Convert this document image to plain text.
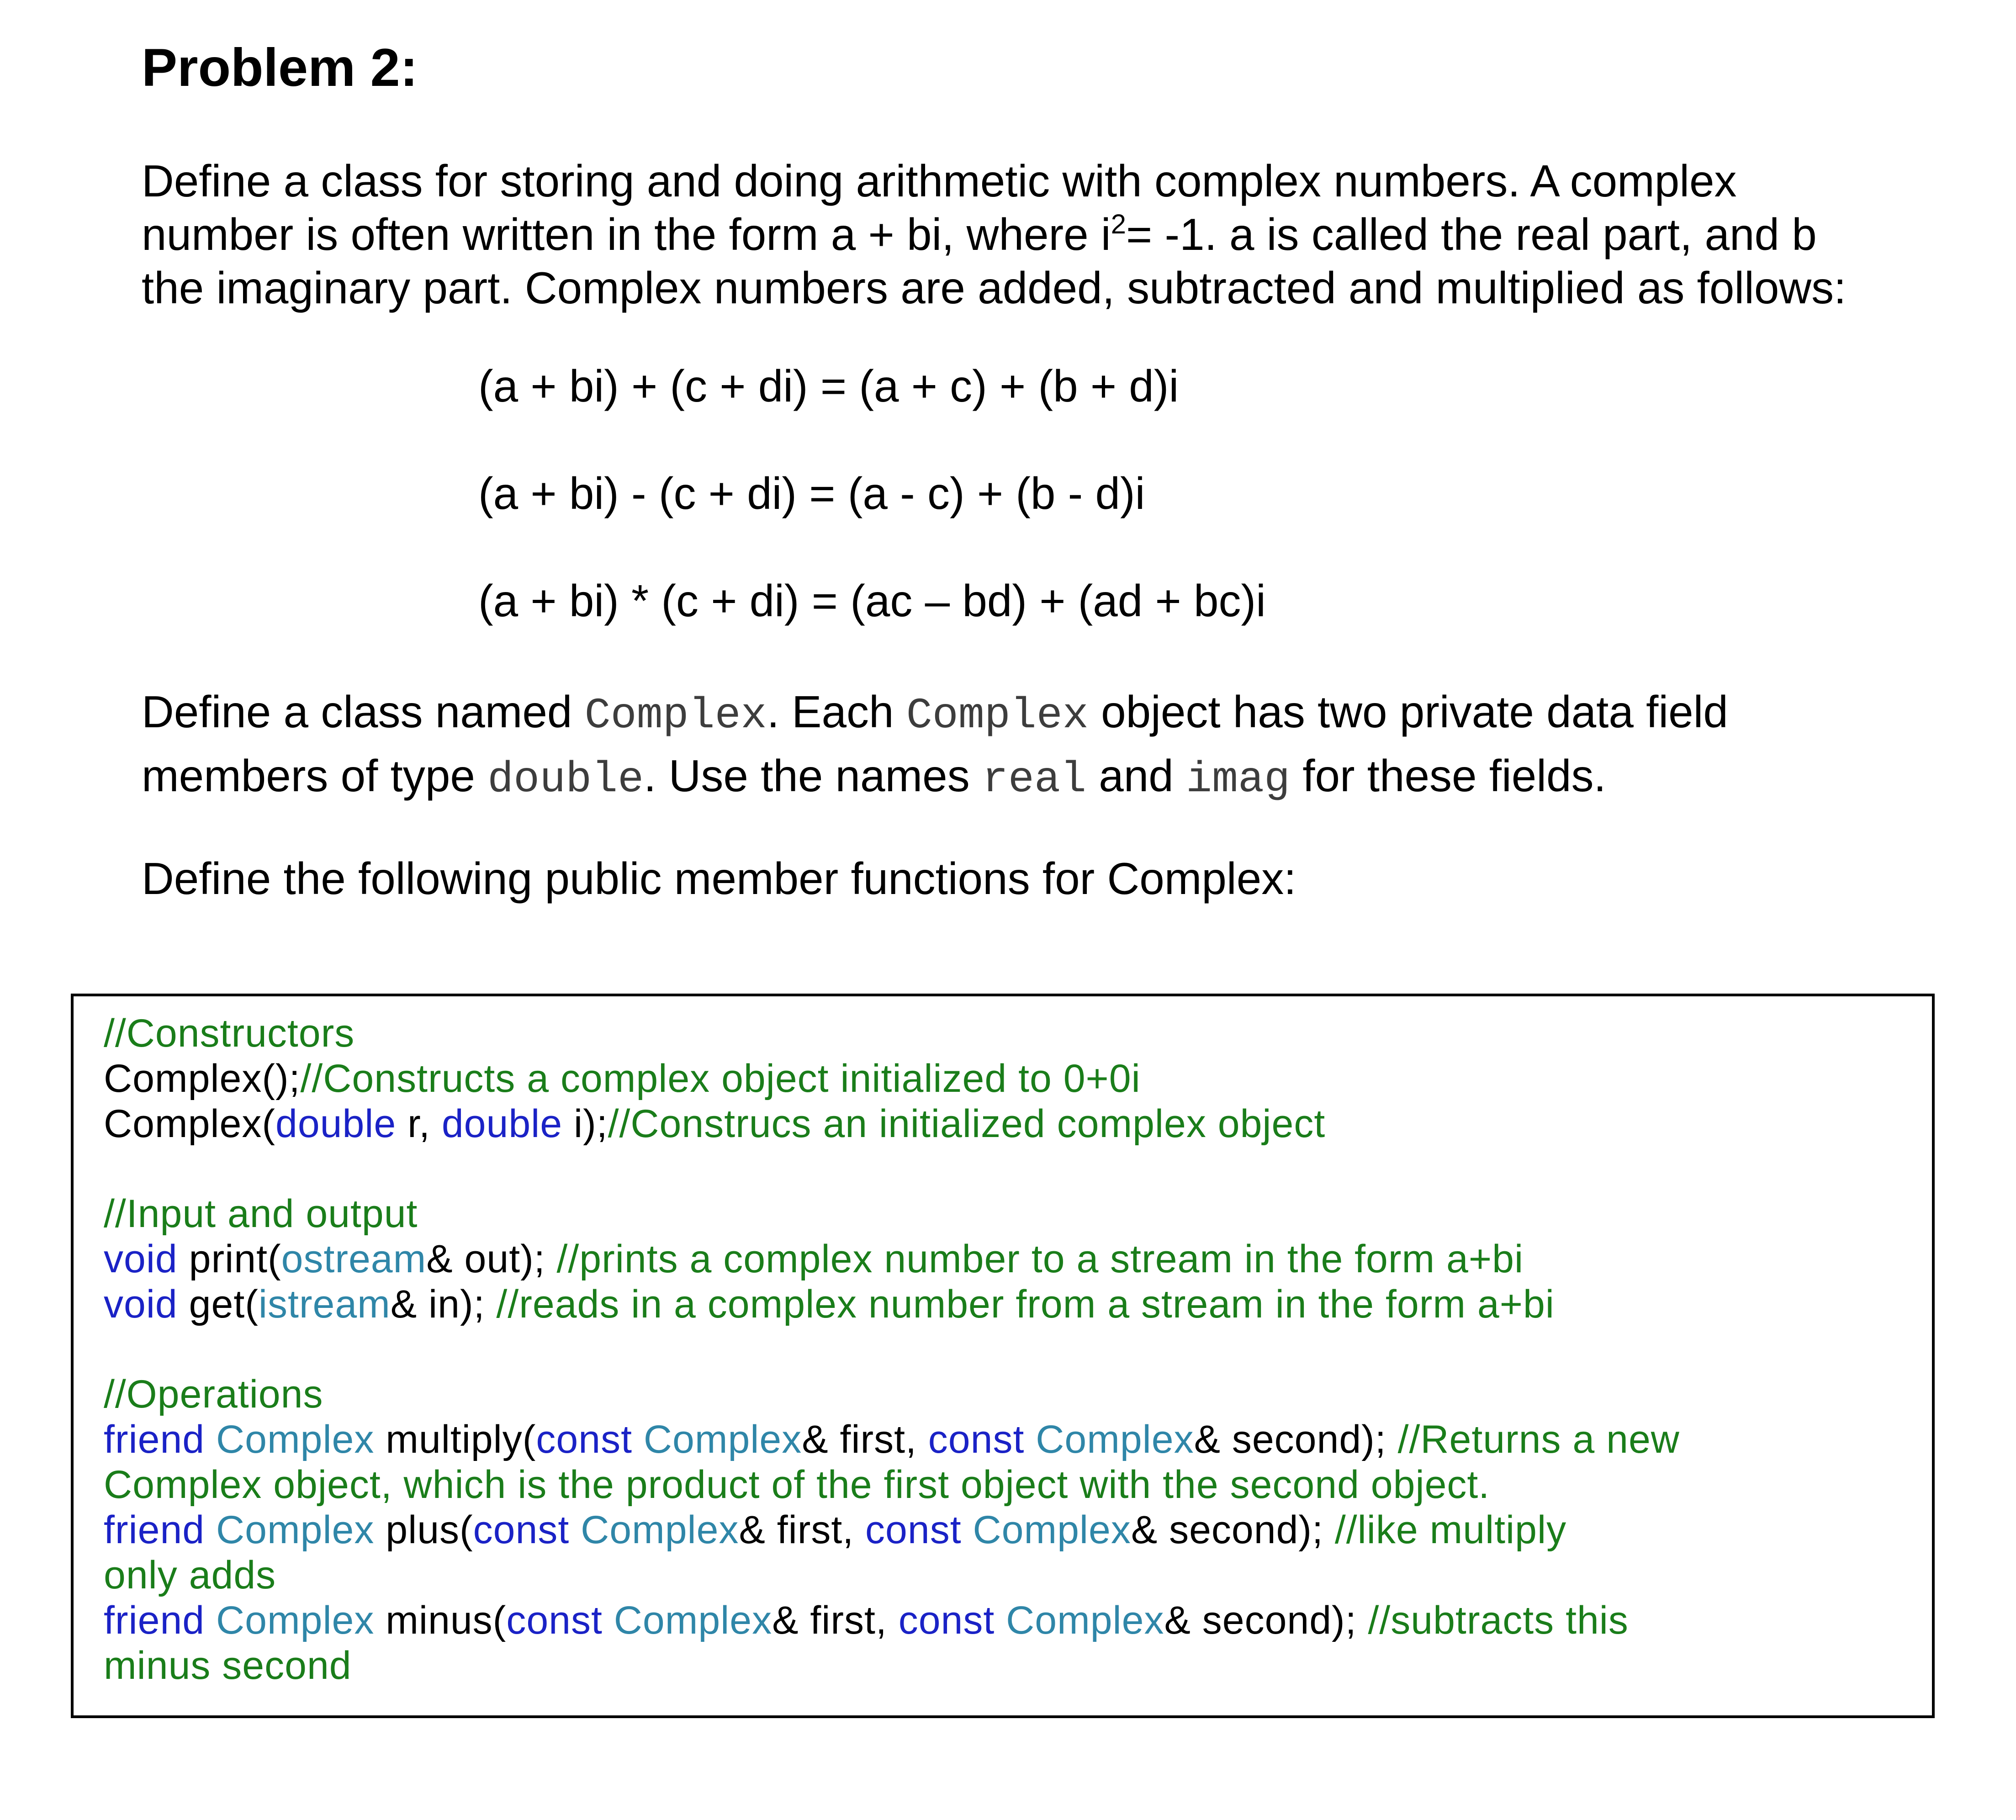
Problem 2:
Define a class for storing and doing arithmetic with complex numbers. A complex
number is often written in the form a + bi, where $i^2= -1$. a is called the real part, and b
the imaginary part. Complex numbers are added, subtracted and multiplied as follows:
(a + bi) + (c + di) = (a + c) + (b + d)i
(a + bi) - (c + di) = (a - c) + (b - d)i
(a + bi) * (c + di) = (ac – bd) + (ad + bc)i
Define a class named Complex. Each Complex object has two private data field
members of type double. Use the names real and imag for these fields.
Define the following public member functions for Complex:
//Constructors
Complex();//Constructs a complex object initialized to 0+0i
Complex(double r, double i);//Construcs an initialized complex object
//Input and output
void print(ostream& out); //prints a complex number to a stream in the form a+bi
void get(istream& in); //reads in a complex number from a stream in the form a+bi
//Operations
friend Complex multiply(const Complex& first, const Complex& second); //Returns a new
Complex object, which is the product of the first object with the second object.
friend Complex plus(const Complex& first, const Complex& second); //like multiply
only adds
friend Complex minus(const Complex& first, const Complex& second); //subtracts this
minus second
